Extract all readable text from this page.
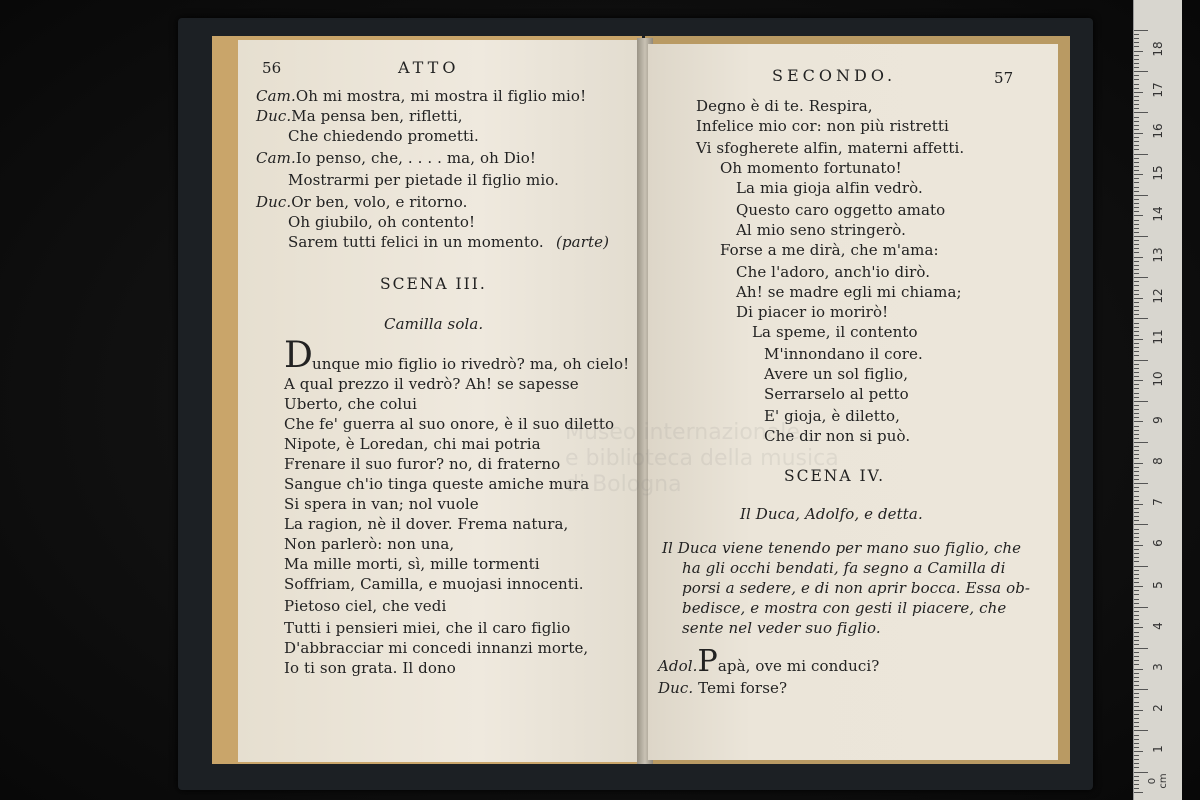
56	ATTO
Cam.Oh mi mostra, mi mostra il figlio mio!
Duc.Ma pensa ben, rifletti,
Che chiedendo prometti.
Cam.Io penso, che, . . . . ma, oh Dio!
Mostrarmi per pietade il figlio mio.
Duc.Or ben, volo, e ritorno.
Oh giubilo, oh contento!
Sarem tutti felici in un momento. (parte)
SCENA III.
Camilla sola.
D unque mio figlio io rivedrò? ma, oh cielo!
A qual prezzo il vedrò? Ah! se sapesse
Uberto, che colui
Che fe' guerra al suo onore, è il suo diletto
Nipote, è Loredan, chi mai potria
Frenare il suo furor? no, di fraterno
Sangue ch'io tinga queste amiche mura
Si spera in van; nol vuole
La ragion, nè il dover. Frema natura,
Non parlerò: non una,
Ma mille morti, sì, mille tormenti
Soffriam, Camilla, e muojasi innocenti.
Pietoso ciel, che vedi
Tutti i pensieri miei, che il caro figlio
D'abbracciar mi concedi innanzi morte,
Io ti son grata. Il dono
SECONDO.	57
Degno è di te. Respira,
Infelice mio cor: non più ristretti
Vi sfogherete alfin, materni affetti.
Oh momento fortunato!
La mia gioja alfin vedrò.
Questo caro oggetto amato
Al mio seno stringerò.
Forse a me dirà, che m'ama:
Che l'adoro, anch'io dirò.
Ah! se madre egli mi chiama;
Di piacer io morirò!
La speme, il contento
M'innondano il core.
Avere un sol figlio,
Serrarselo al petto
E' gioja, è diletto,
Che dir non si può.
SCENA IV.
Il Duca, Adolfo, e detta.
Il Duca viene tenendo per mano suo figlio, che
ha gli occhi bendati, fa segno a Camilla di
porsi a sedere, e di non aprir bocca. Essa ob-
bedisce, e mostra con gesti il piacere, che
sente nel veder suo figlio.
Adol.Papà, ove mi conduci?
Duc. Temi forse?
Museo internazionale
e biblioteca della musica
di Bologna
18
17
16
15
14
13
12
11
10
9
8
7
6
5
4
3
2
1
0 cm
